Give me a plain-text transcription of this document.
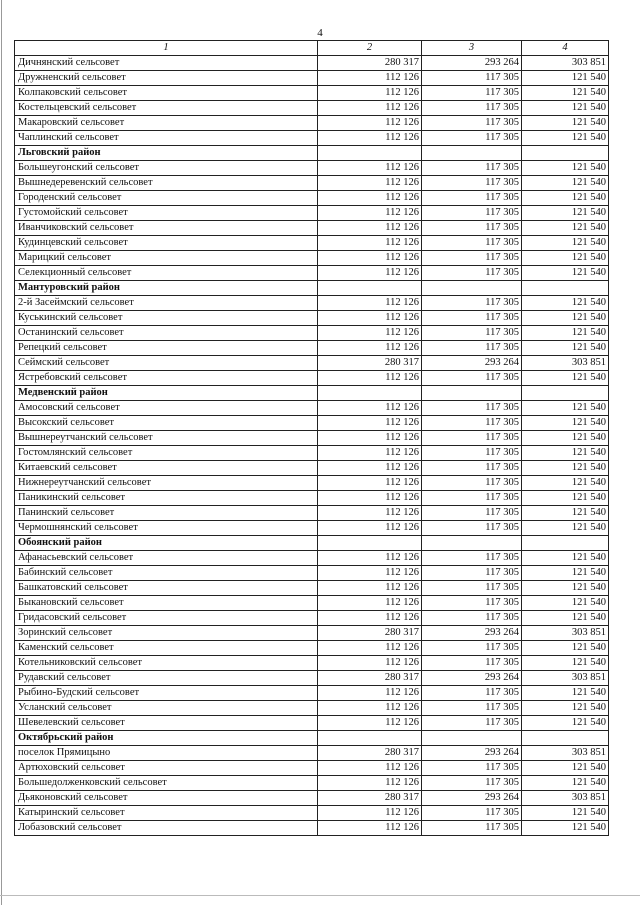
4
1	2	3	4
Дичнянский сельсовет	280 317	293 264	303 851
Дружненский сельсовет	112 126	117 305	121 540
Колпаковский сельсовет	112 126	117 305	121 540
Костельцевский сельсовет	112 126	117 305	121 540
Макаровский сельсовет	112 126	117 305	121 540
Чаплинский сельсовет	112 126	117 305	121 540
Льговский район			
Большеугонский сельсовет	112 126	117 305	121 540
Вышнедеревенский сельсовет	112 126	117 305	121 540
Городенский сельсовет	112 126	117 305	121 540
Густомойский сельсовет	112 126	117 305	121 540
Иванчиковский сельсовет	112 126	117 305	121 540
Кудинцевский сельсовет	112 126	117 305	121 540
Марицкий сельсовет	112 126	117 305	121 540
Селекционный сельсовет	112 126	117 305	121 540
Мантуровский район			
2-й Засеймский сельсовет	112 126	117 305	121 540
Куськинский сельсовет	112 126	117 305	121 540
Останинский сельсовет	112 126	117 305	121 540
Репецкий сельсовет	112 126	117 305	121 540
Сеймский сельсовет	280 317	293 264	303 851
Ястребовский сельсовет	112 126	117 305	121 540
Медвенский район			
Амосовский сельсовет	112 126	117 305	121 540
Высокский сельсовет	112 126	117 305	121 540
Вышнереутчанский сельсовет	112 126	117 305	121 540
Гостомлянский сельсовет	112 126	117 305	121 540
Китаевский сельсовет	112 126	117 305	121 540
Нижнереутчанский сельсовет	112 126	117 305	121 540
Паникинский сельсовет	112 126	117 305	121 540
Панинский сельсовет	112 126	117 305	121 540
Чермошнянский сельсовет	112 126	117 305	121 540
Обоянский район			
Афанасьевский сельсовет	112 126	117 305	121 540
Бабинский сельсовет	112 126	117 305	121 540
Башкатовский сельсовет	112 126	117 305	121 540
Быкановский сельсовет	112 126	117 305	121 540
Гридасовский сельсовет	112 126	117 305	121 540
Зоринский сельсовет	280 317	293 264	303 851
Каменский сельсовет	112 126	117 305	121 540
Котельниковский сельсовет	112 126	117 305	121 540
Рудавский сельсовет	280 317	293 264	303 851
Рыбино-Будский сельсовет	112 126	117 305	121 540
Усланский сельсовет	112 126	117 305	121 540
Шевелевский сельсовет	112 126	117 305	121 540
Октябрьский район			
поселок Прямицыно	280 317	293 264	303 851
Артюховский сельсовет	112 126	117 305	121 540
Большедолженковский сельсовет	112 126	117 305	121 540
Дьяконовский сельсовет	280 317	293 264	303 851
Катыринский сельсовет	112 126	117 305	121 540
Лобазовский сельсовет	112 126	117 305	121 540
